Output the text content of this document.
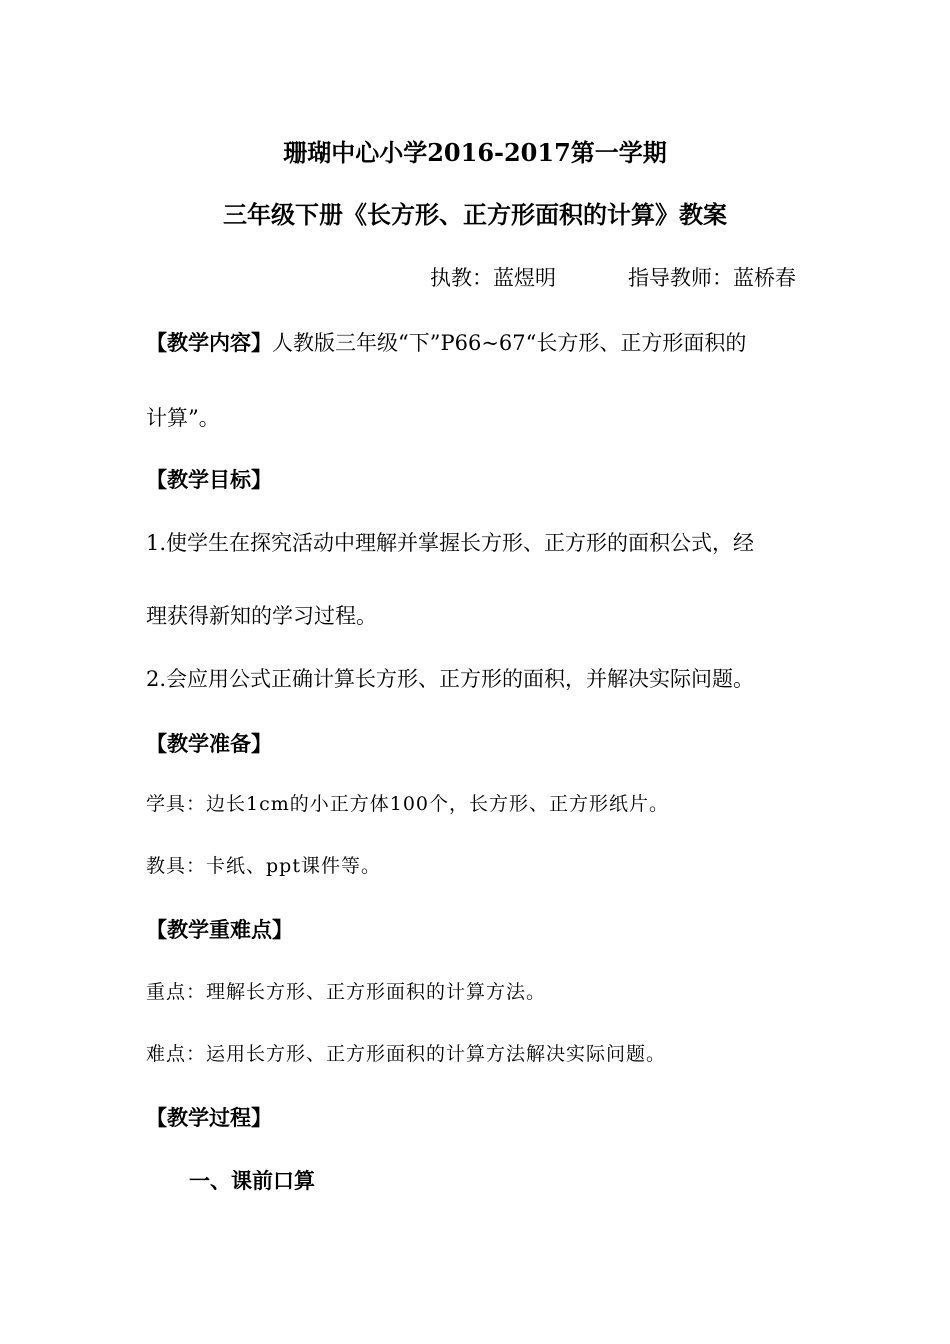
珊瑚中心小学2016-2017第一学期
三年级下册《长方形、正方形面积的计算》教案
执教：蓝煜明	指导教师：蓝桥春
【教学内容】人教版三年级“下”P66~67“长方形、正方形面积的
计算”。
【教学目标】
1.使学生在探究活动中理解并掌握长方形、正方形的面积公式，经
理获得新知的学习过程。
2.会应用公式正确计算长方形、正方形的面积，并解决实际问题。
【教学准备】
学具：边长1cm的小正方体100个，长方形、正方形纸片。
教具：卡纸、ppt课件等。
【教学重难点】
重点：理解长方形、正方形面积的计算方法。
难点：运用长方形、正方形面积的计算方法解决实际问题。
【教学过程】
一、课前口算
